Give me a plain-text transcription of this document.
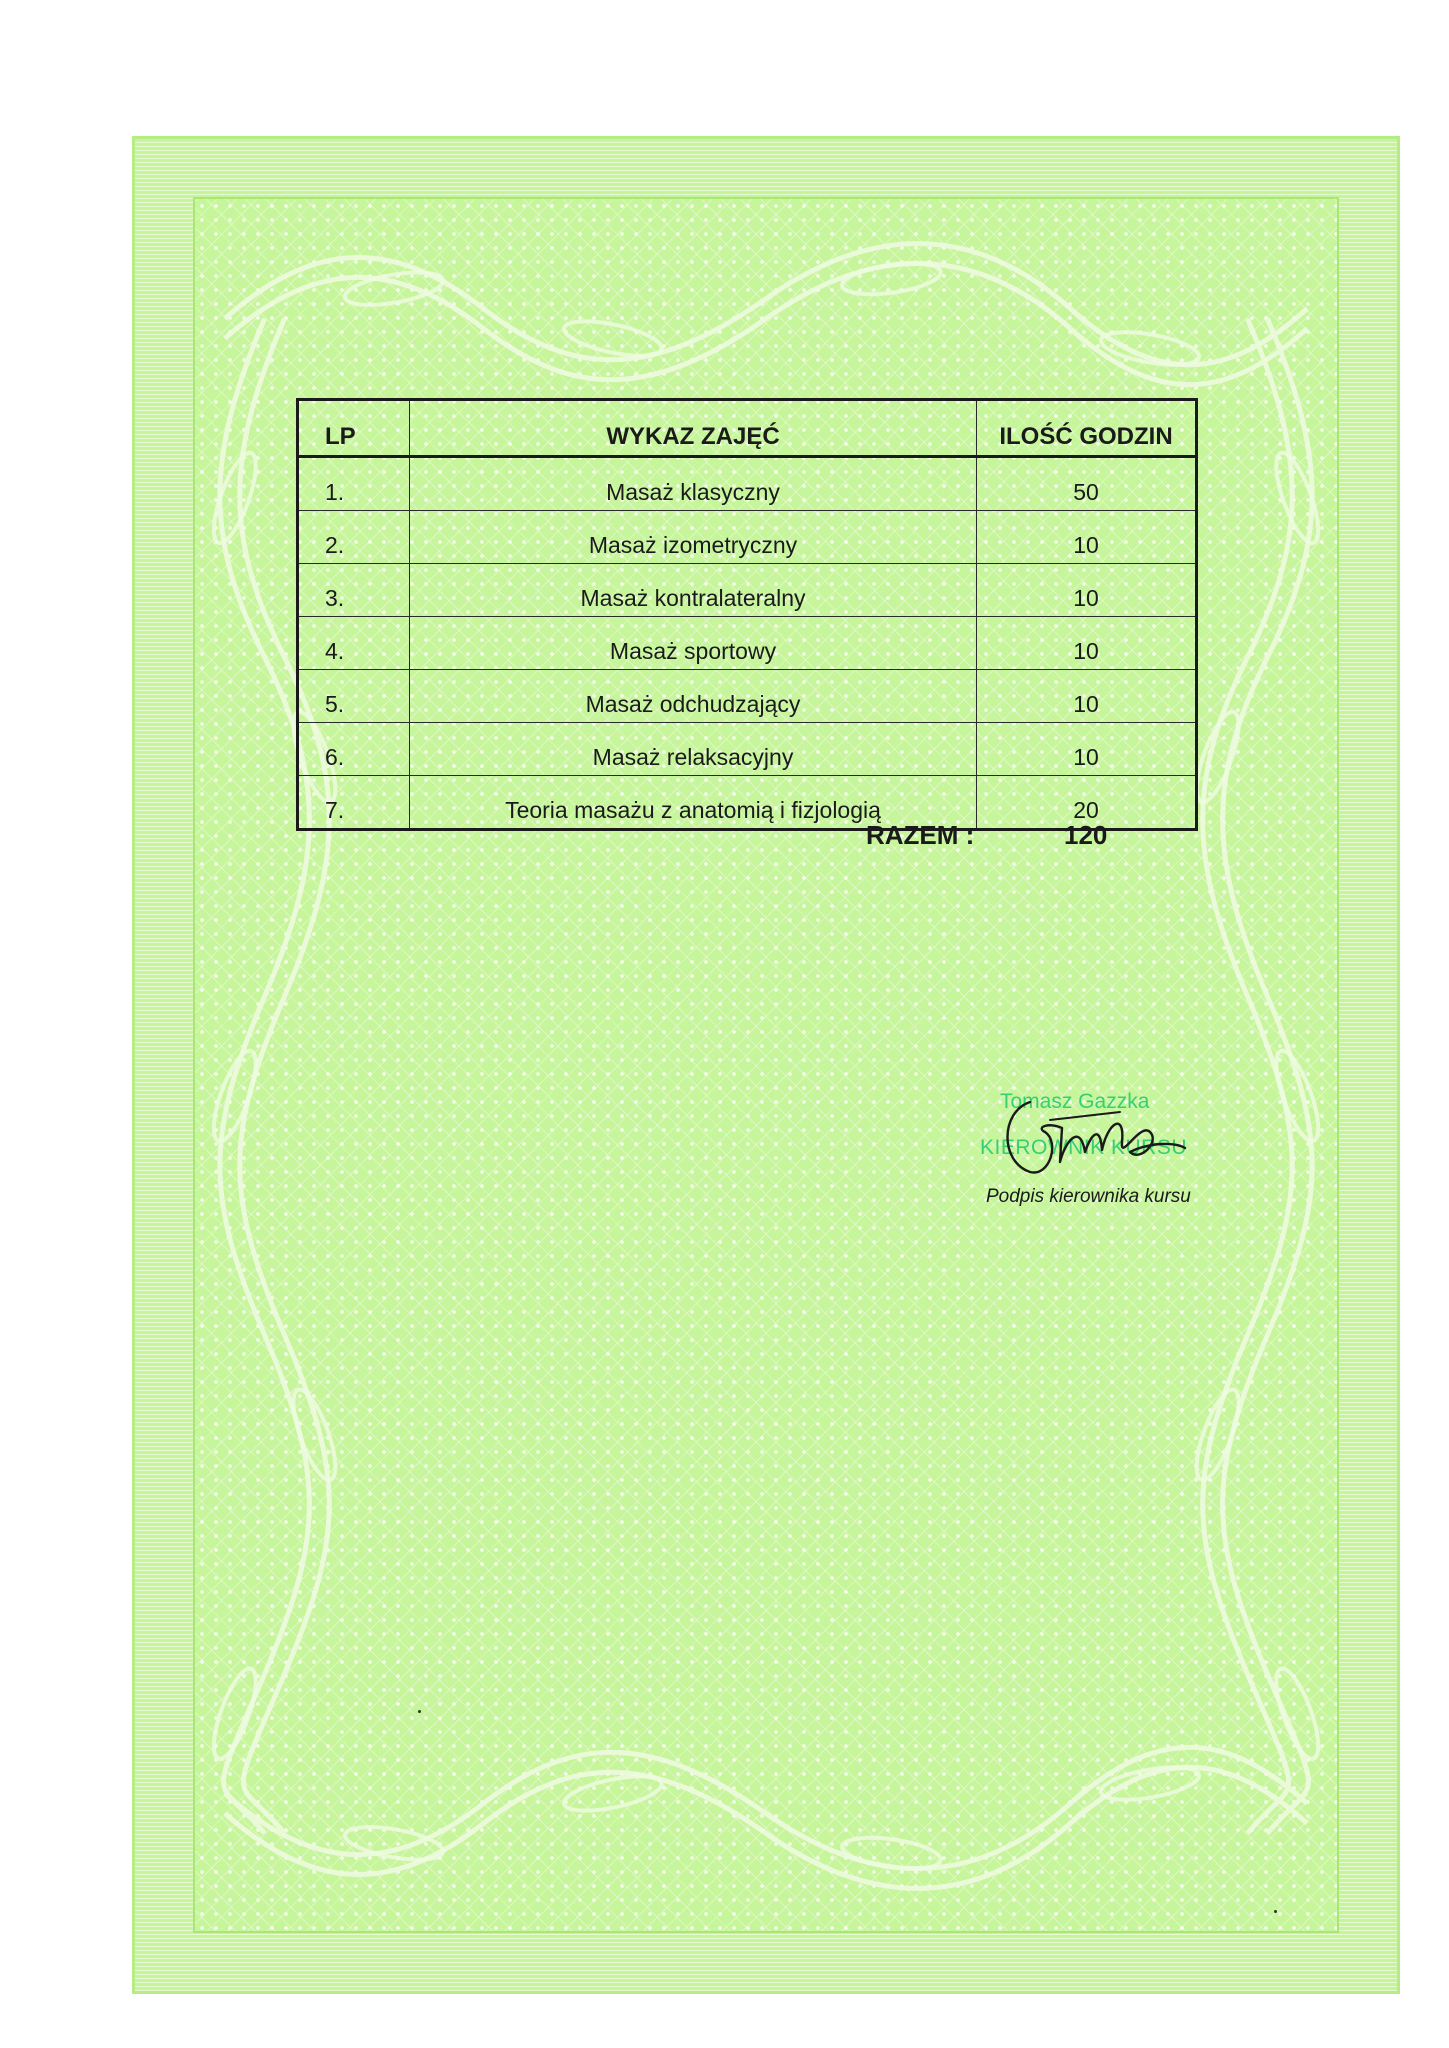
LP	WYKAZ ZAJĘĆ	ILOŚĆ GODZIN
1.	Masaż klasyczny	50
2.	Masaż izometryczny	10
3.	Masaż kontralateralny	10
4.	Masaż sportowy	10
5.	Masaż odchudzający	10
6.	Masaż relaksacyjny	10
7.	Teoria masażu z anatomią i fizjologią	20
RAZEM :	120
Tomasz Gazzka
KIEROWNIK KURSU
Podpis kierownika kursu
